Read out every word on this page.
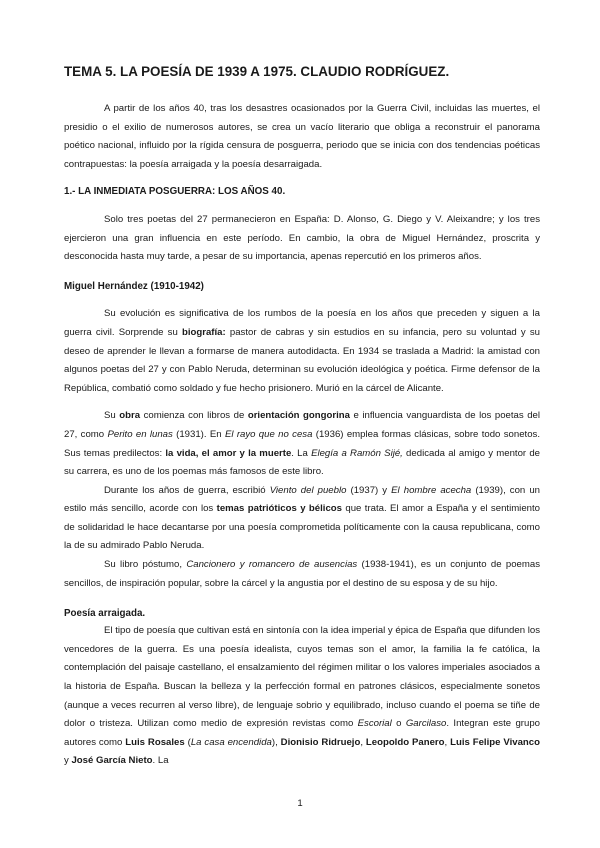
TEMA 5. LA POESÍA DE 1939 A 1975. CLAUDIO RODRÍGUEZ.

A partir de los años 40, tras los desastres ocasionados por la Guerra Civil, incluidas las muertes, el presidio o el exilio de numerosos autores, se crea un vacío literario que obliga a reconstruir el panorama poético nacional, influido por la rígida censura de posguerra, periodo que se inicia con dos tendencias poéticas contrapuestas: la poesía arraigada y la poesía desarraigada.

1.- LA INMEDIATA POSGUERRA: LOS AÑOS 40.

Solo tres poetas del 27 permanecieron en España: D. Alonso, G. Diego y V. Aleixandre; y los tres ejercieron una gran influencia en este período. En cambio, la obra de Miguel Hernández, proscrita y desconocida hasta muy tarde, a pesar de su importancia, apenas repercutió en los primeros años.

Miguel Hernández (1910-1942)

Su evolución es significativa de los rumbos de la poesía en los años que preceden y siguen a la guerra civil. Sorprende su biografía: pastor de cabras y sin estudios en su infancia, pero su voluntad y su deseo de aprender le llevan a formarse de manera autodidacta. En 1934 se traslada a Madrid: la amistad con algunos poetas del 27 y con Pablo Neruda, determinan su evolución ideológica y poética. Firme defensor de la República, combatió como soldado y fue hecho prisionero. Murió en la cárcel de Alicante.

Su obra comienza con libros de orientación gongorina e influencia vanguardista de los poetas del 27, como Perito en lunas (1931). En El rayo que no cesa (1936) emplea formas clásicas, sobre todo sonetos. Sus temas predilectos: la vida, el amor y la muerte. La Elegía a Ramón Sijé, dedicada al amigo y mentor de su carrera, es uno de los poemas más famosos de este libro.

Durante los años de guerra, escribió Viento del pueblo (1937) y El hombre acecha (1939), con un estilo más sencillo, acorde con los temas patrióticos y bélicos que trata. El amor a España y el sentimiento de solidaridad le hace decantarse por una poesía comprometida políticamente con la causa republicana, como la de su admirado Pablo Neruda.

Su libro póstumo, Cancionero y romancero de ausencias (1938-1941), es un conjunto de poemas sencillos, de inspiración popular, sobre la cárcel y la angustia por el destino de su esposa y de su hijo.

Poesía arraigada.

El tipo de poesía que cultivan está en sintonía con la idea imperial y épica de España que difunden los vencedores de la guerra. Es una poesía idealista, cuyos temas son el amor, la familia la fe católica, la contemplación del paisaje castellano, el ensalzamiento del régimen militar o los valores imperiales asociados a la historia de España. Buscan la belleza y la perfección formal en patrones clásicos, especialmente sonetos (aunque a veces recurren al verso libre), de lenguaje sobrio y equilibrado, incluso cuando el poema se tiñe de dolor o tristeza. Utilizan como medio de expresión revistas como Escorial o Garcilaso. Integran este grupo autores como Luis Rosales (La casa encendida), Dionisio Ridruejo, Leopoldo Panero, Luis Felipe Vivanco y José García Nieto. La

1
